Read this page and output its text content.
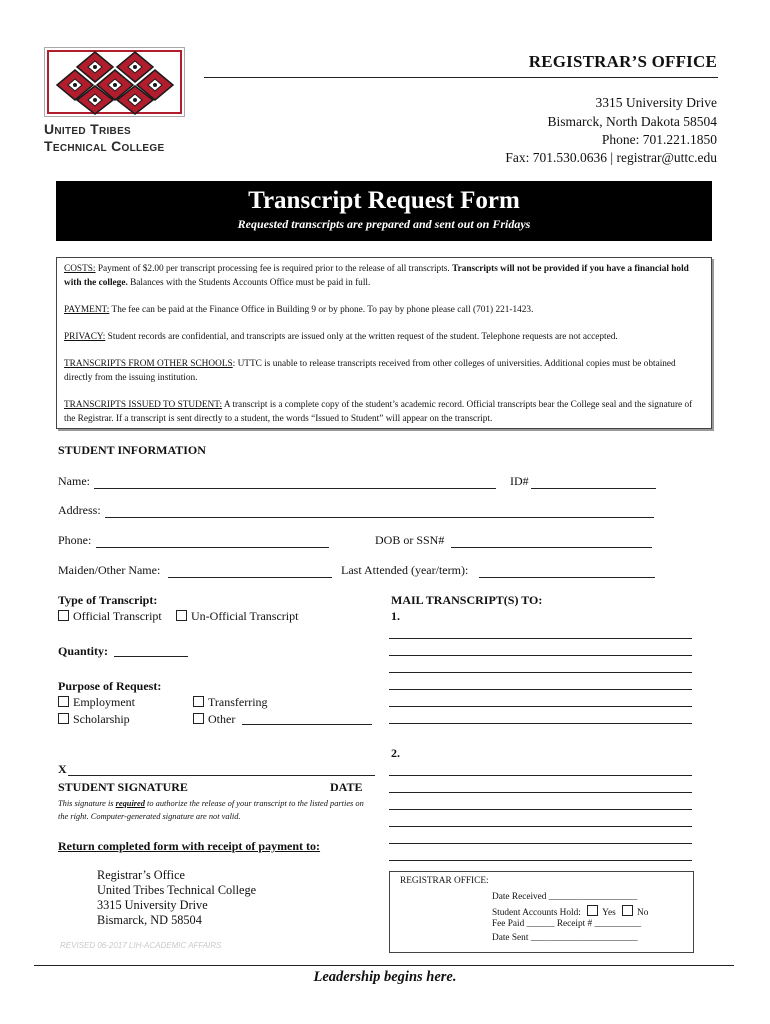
United Tribes
Technical College
REGISTRAR’S OFFICE
3315 University Drive
Bismarck, North Dakota 58504
Phone: 701.221.1850
Fax: 701.530.0636 | registrar@uttc.edu
Transcript Request Form
Requested transcripts are prepared and sent out on Fridays
COSTS: Payment of $2.00 per transcript processing fee is required prior to the release of all transcripts. Transcripts will not be provided if you have a financial hold with the college. Balances with the Students Accounts Office must be paid in full.
PAYMENT: The fee can be paid at the Finance Office in Building 9 or by phone. To pay by phone please call (701) 221-1423.
PRIVACY: Student records are confidential, and transcripts are issued only at the written request of the student. Telephone requests are not accepted.
TRANSCRIPTS FROM OTHER SCHOOLS: UTTC is unable to release transcripts received from other colleges of universities. Additional copies must be obtained directly from the issuing institution.
TRANSCRIPTS ISSUED TO STUDENT: A transcript is a complete copy of the student’s academic record. Official transcripts bear the College seal and the signature of the Registrar. If a transcript is sent directly to a student, the words “Issued to Student” will appear on the transcript.
STUDENT INFORMATION
Name:	ID#
Address:
Phone:	DOB or SSN#
Maiden/Other Name:	Last Attended (year/term):
Type of Transcript:
Official Transcript	Un-Official Transcript
Quantity:
Purpose of Request:
Employment	Transferring
Scholarship	Other
MAIL TRANSCRIPT(S) TO:
1.
2.
X
STUDENT SIGNATURE	DATE
This signature is required to authorize the release of your transcript to the listed parties on the right. Computer-generated signature are not valid.
Return completed form with receipt of payment to:
Registrar’s Office
United Tribes Technical College
3315 University Drive
Bismarck, ND 58504
REGISTRAR OFFICE:
Date Received ___________________
Student Accounts Hold: Yes No
Fee Paid ______ Receipt # __________
Date Sent _______________________
REVISED 06-2017 LIH-ACADEMIC AFFAIRS
Leadership begins here.
